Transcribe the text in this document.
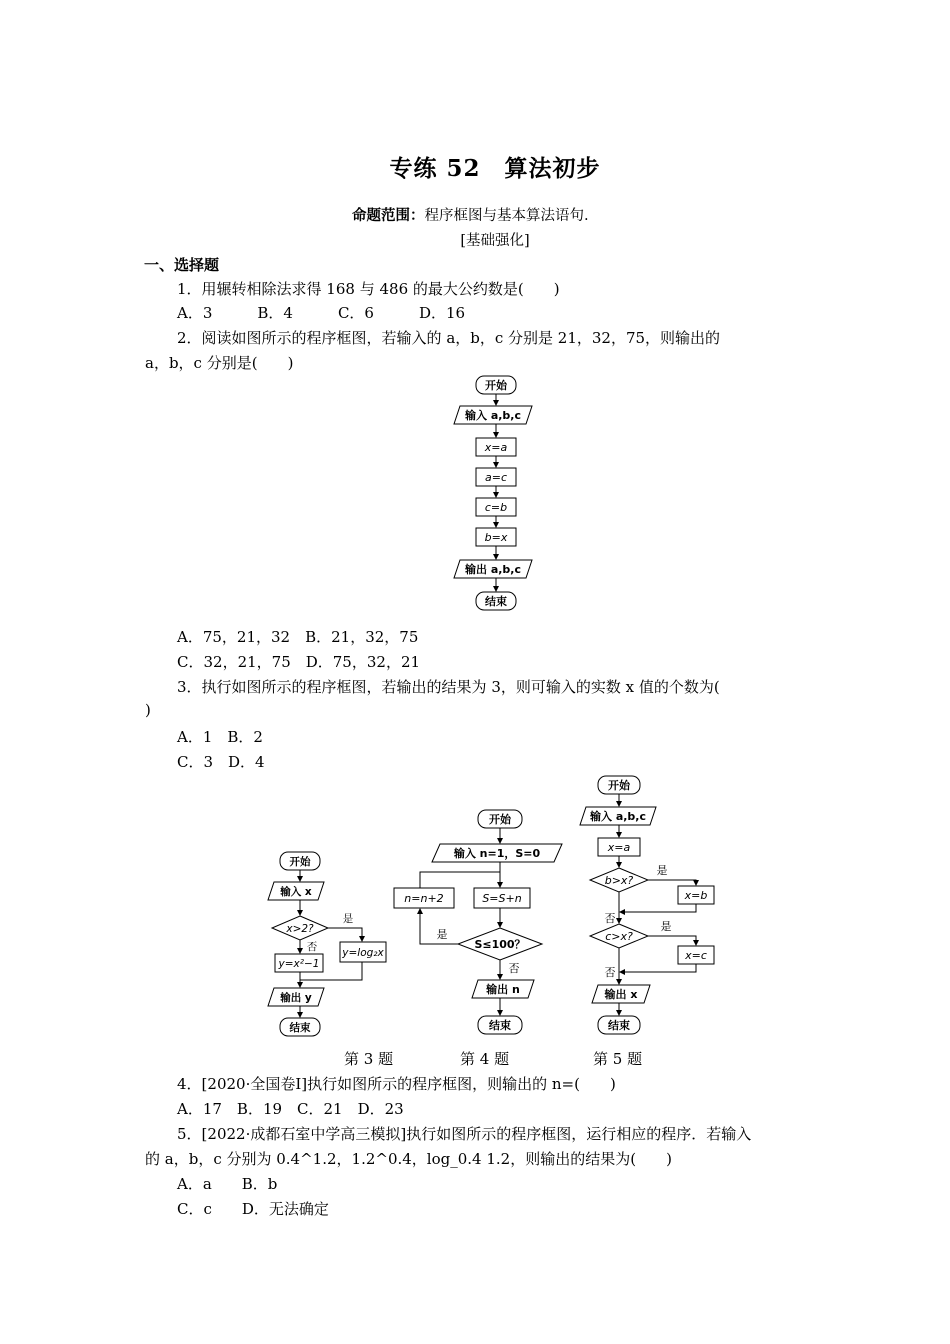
专练 52　算法初步
命题范围：程序框图与基本算法语句.
[基础强化]
一、选择题
1．用辗转相除法求得 168 与 486 的最大公约数是(　　)
A．3　　　B．4　　　C．6　　　D．16
2．阅读如图所示的程序框图，若输入的 a，b，c 分别是 21，32，75，则输出的
a，b，c 分别是(　　)
开始
输入 a,b,c
x=a
a=c
c=b
b=x
输出 a,b,c
结束
A．75，21，32　B．21，32，75
C．32，21，75　D．75，32，21
3．执行如图所示的程序框图，若输出的结果为 3，则可输入的实数 x 值的个数为(
)
A．1　B．2
C．3　D．4
开始
输入 x
x>2?
是
否
y=x²−1
y=log₂x
输出 y
结束
开始
输入 n=1，S=0
n=n+2	S=S+n
S≤100？
是
否
输出 n
结束
开始
输入 a,b,c
x=a
b>x?
是
x=b
否
c>x?
是
x=c
否
输出 x
结束
第 3 题	第 4 题	第 5 题
4．[2020·全国卷Ⅰ]执行如图所示的程序框图，则输出的 n=(　　)
A．17　B．19　C．21　D．23
5．[2022·成都石室中学高三模拟]执行如图所示的程序框图，运行相应的程序．若输入
的 a，b，c 分别为 0.4^1.2，1.2^0.4，log_0.4 1.2，则输出的结果为(　　)
A．a　　B．b
C．c　　D．无法确定
